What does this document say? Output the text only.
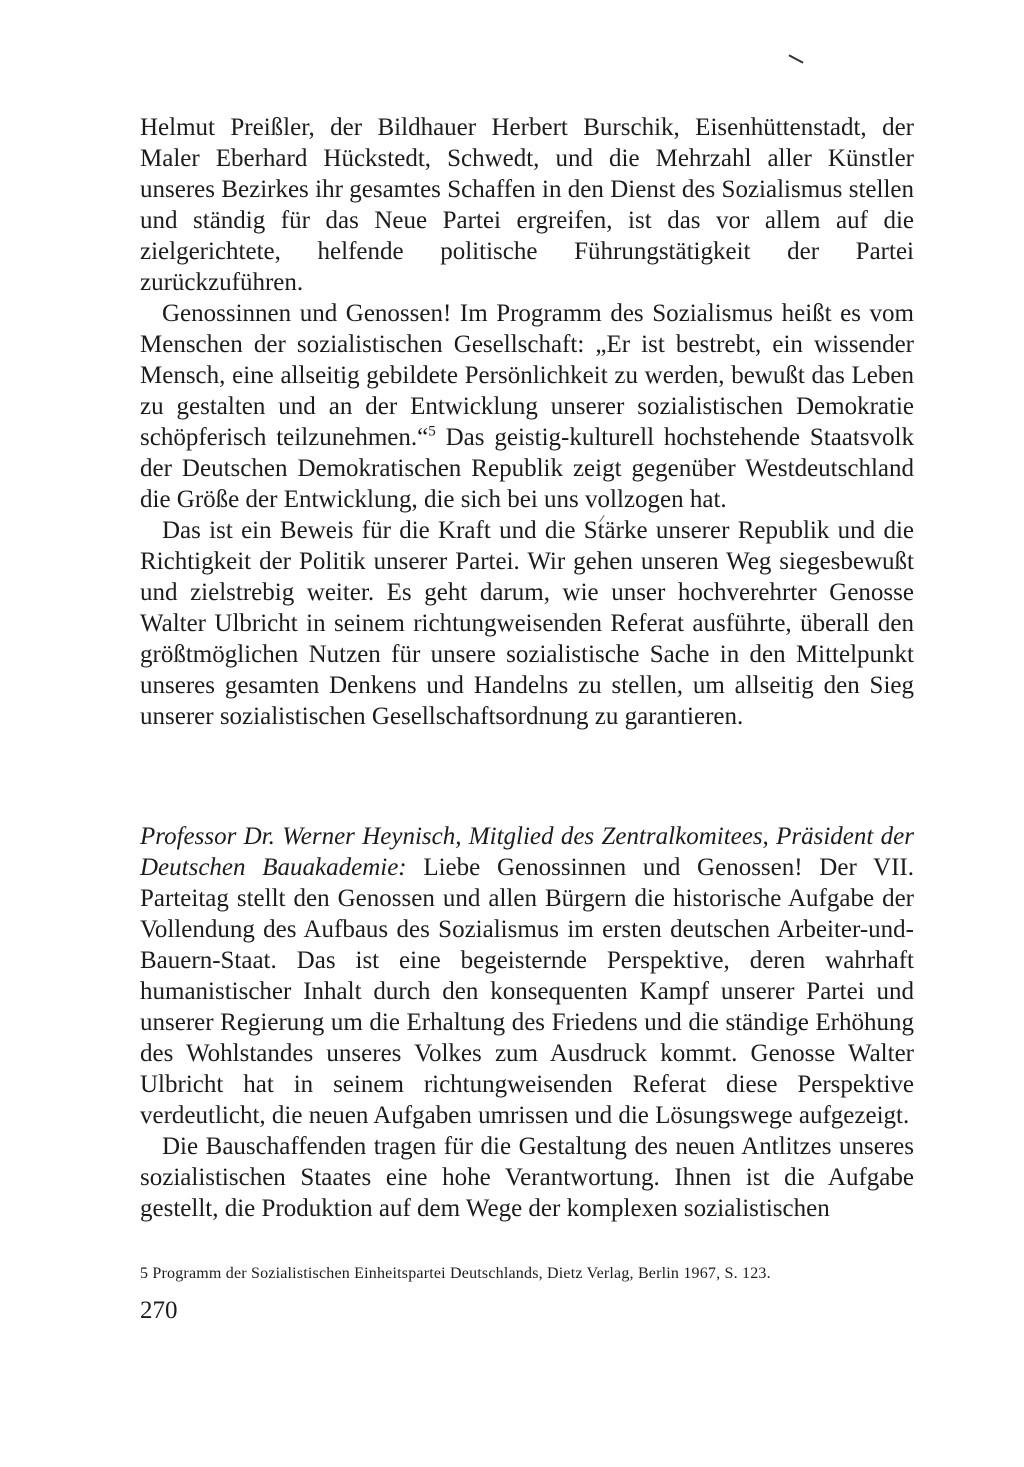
Helmut Preißler, der Bildhauer Herbert Burschik, Eisenhüttenstadt, der Maler Eberhard Hückstedt, Schwedt, und die Mehrzahl aller Künstler unseres Bezirkes ihr gesamtes Schaffen in den Dienst des Sozialismus stellen und ständig für das Neue Partei ergreifen, ist das vor allem auf die zielgerichtete, helfende politische Führungstätigkeit der Partei zurückzuführen.

Genossinnen und Genossen! Im Programm des Sozialismus heißt es vom Menschen der sozialistischen Gesellschaft: „Er ist bestrebt, ein wissender Mensch, eine allseitig gebildete Persönlichkeit zu werden, bewußt das Leben zu gestalten und an der Entwicklung unserer sozialistischen Demokratie schöpferisch teilzunehmen.“$^5$ Das geistig-kulturell hochstehende Staatsvolk der Deutschen Demokratischen Republik zeigt gegenüber Westdeutschland die Größe der Entwicklung, die sich bei uns vollzogen hat.

Das ist ein Beweis für die Kraft und die Stärke unserer Republik und die Richtigkeit der Politik unserer Partei. Wir gehen unseren Weg siegesbewußt und zielstrebig weiter. Es geht darum, wie unser hochverehrter Genosse Walter Ulbricht in seinem richtungweisenden Referat ausführte, überall den größtmöglichen Nutzen für unsere sozialistische Sache in den Mittelpunkt unseres gesamten Denkens und Handelns zu stellen, um allseitig den Sieg unserer sozialistischen Gesellschaftsordnung zu garantieren.

Professor Dr. Werner Heynisch, Mitglied des Zentralkomitees, Präsident der Deutschen Bauakademie: Liebe Genossinnen und Genossen! Der VII. Parteitag stellt den Genossen und allen Bürgern die historische Aufgabe der Vollendung des Aufbaus des Sozialismus im ersten deutschen Arbeiter-und-Bauern-Staat. Das ist eine begeisternde Perspektive, deren wahrhaft humanistischer Inhalt durch den konsequenten Kampf unserer Partei und unserer Regierung um die Erhaltung des Friedens und die ständige Erhöhung des Wohlstandes unseres Volkes zum Ausdruck kommt. Genosse Walter Ulbricht hat in seinem richtungweisenden Referat diese Perspektive verdeutlicht, die neuen Aufgaben umrissen und die Lösungswege aufgezeigt.

Die Bauschaffenden tragen für die Gestaltung des neuen Antlitzes unseres sozialistischen Staates eine hohe Verantwortung. Ihnen ist die Aufgabe gestellt, die Produktion auf dem Wege der komplexen sozialistischen

5 Programm der Sozialistischen Einheitspartei Deutschlands, Dietz Verlag, Berlin 1967, S. 123.
270
